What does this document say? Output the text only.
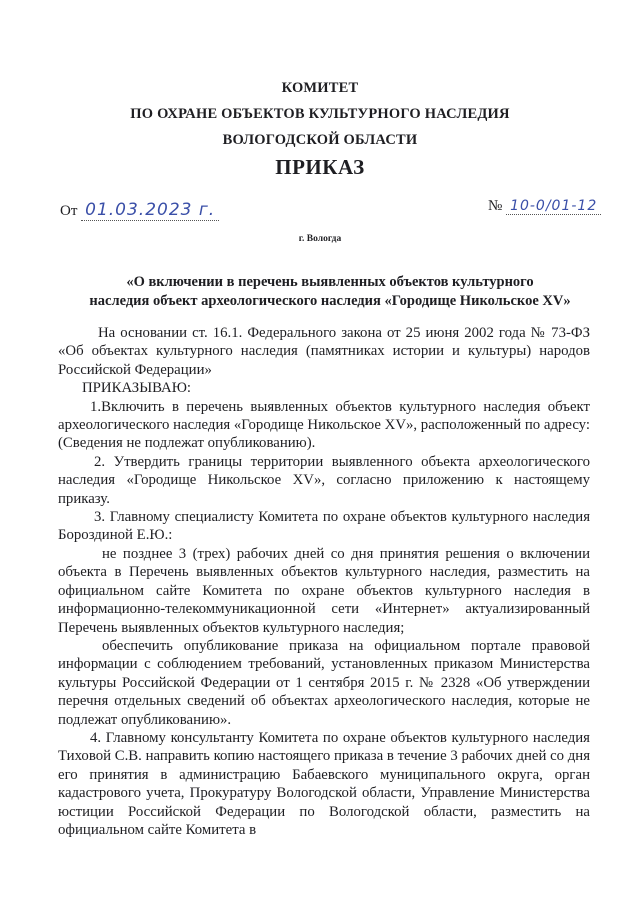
КОМИТЕТ
ПО ОХРАНЕ ОБЪЕКТОВ КУЛЬТУРНОГО НАСЛЕДИЯ
ВОЛОГОДСКОЙ ОБЛАСТИ
ПРИКАЗ
От 01.03.2023 г.	№ 10-0/01-12
г. Вологда
«О включении в перечень выявленных объектов культурного
наследия объект археологического наследия «Городище Никольское XV»

На основании ст. 16.1. Федерального закона от 25 июня 2002 года № 73-ФЗ «Об объектах культурного наследия (памятниках истории и культуры) народов Российской Федерации»

ПРИКАЗЫВАЮ:

1.Включить в перечень выявленных объектов культурного наследия объект археологического наследия «Городище Никольское XV», расположенный по адресу: (Сведения не подлежат опубликованию).

2. Утвердить границы территории выявленного объекта археологического наследия «Городище Никольское XV», согласно приложению к настоящему приказу.

3. Главному специалисту Комитета по охране объектов культурного наследия Бороздиной Е.Ю.:

не позднее 3 (трех) рабочих дней со дня принятия решения о включении объекта в Перечень выявленных объектов культурного наследия, разместить на официальном сайте Комитета по охране объектов культурного наследия в информационно-телекоммуникационной сети «Интернет» актуализированный Перечень выявленных объектов культурного наследия;

обеспечить опубликование приказа на официальном портале правовой информации с соблюдением требований, установленных приказом Министерства культуры Российской Федерации от 1 сентября 2015 г. № 2328 «Об утверждении перечня отдельных сведений об объектах археологического наследия, которые не подлежат опубликованию».

4. Главному консультанту Комитета по охране объектов культурного наследия Тиховой С.В. направить копию настоящего приказа в течение 3 рабочих дней со дня его принятия в администрацию Бабаевского муниципального округа, орган кадастрового учета, Прокуратуру Вологодской области, Управление Министерства юстиции Российской Федерации по Вологодской области, разместить на официальном сайте Комитета в
